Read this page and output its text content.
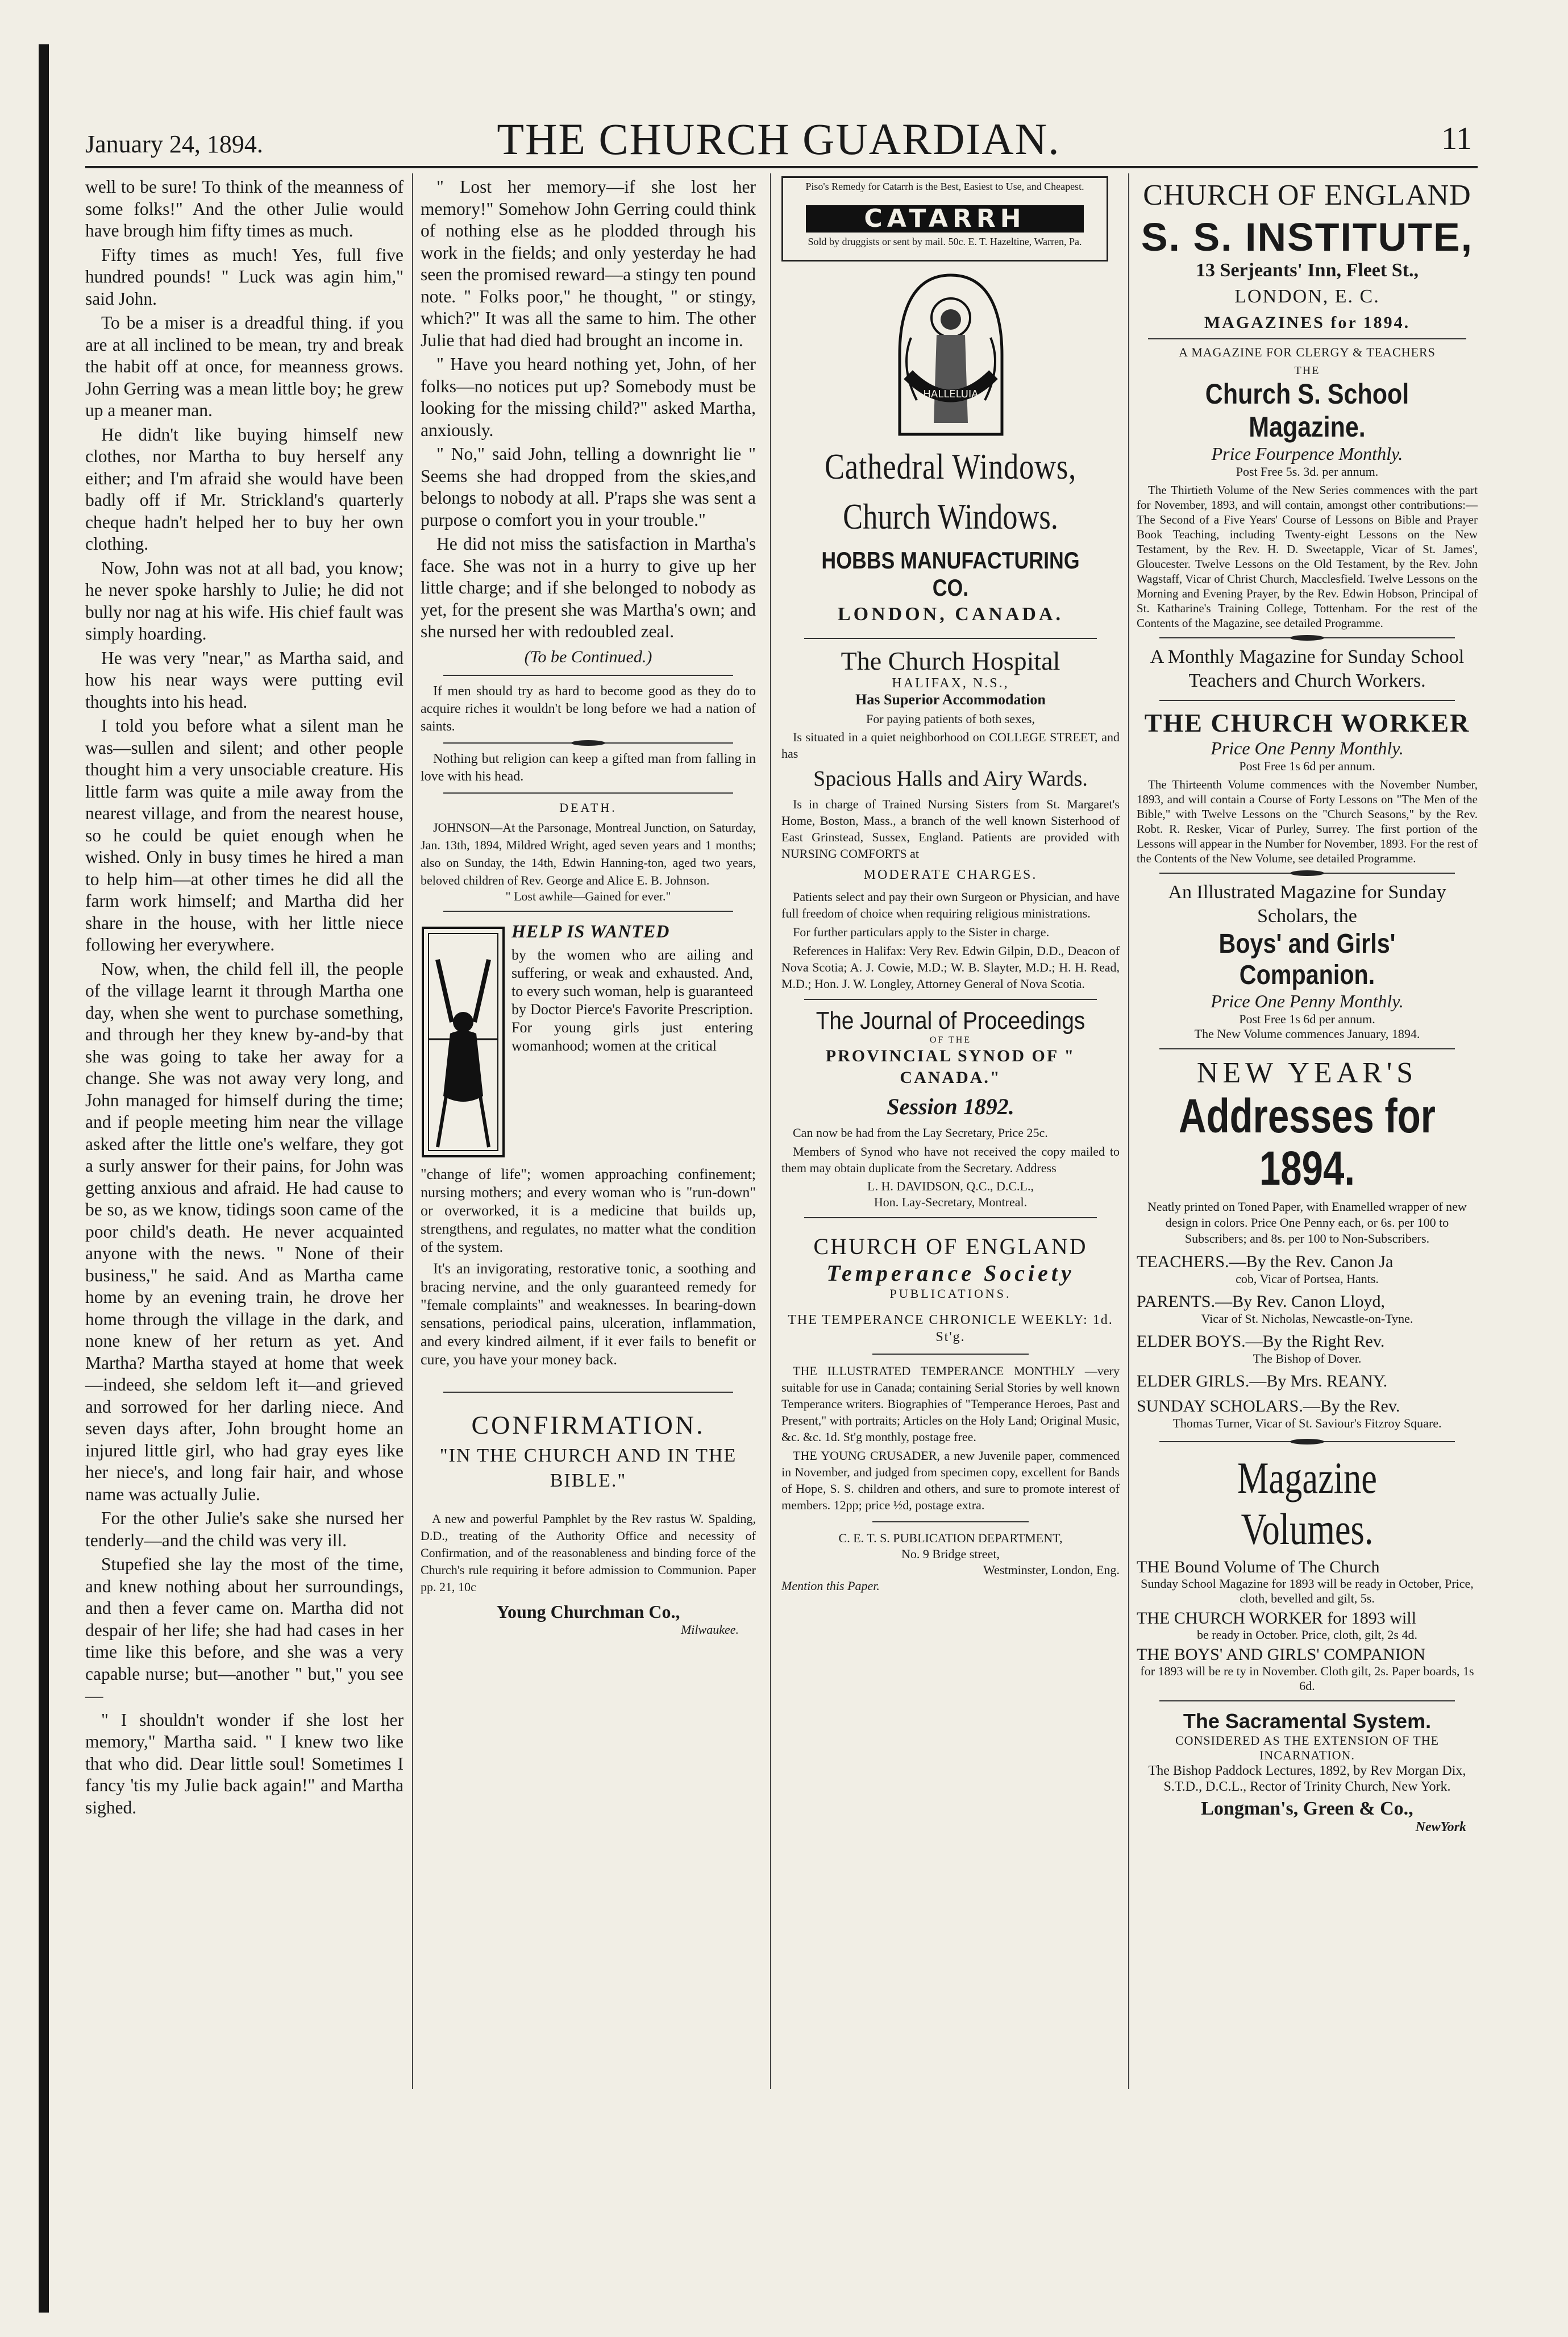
January 24, 1894.	THE CHURCH GUARDIAN.	11

well to be sure! To think of the meanness of some folks!" And the other Julie would have brough him fifty times as much.

Fifty times as much! Yes, full five hundred pounds! " Luck was agin him," said John.

To be a miser is a dreadful thing. if you are at all inclined to be mean, try and break the habit off at once, for meanness grows. John Gerring was a mean little boy; he grew up a meaner man.

He didn't like buying himself new clothes, nor Martha to buy herself any either; and I'm afraid she would have been badly off if Mr. Strickland's quarterly cheque hadn't helped her to buy her own clothing.

Now, John was not at all bad, you know; he never spoke harshly to Julie; he did not bully nor nag at his wife. His chief fault was simply hoarding.

He was very "near," as Martha said, and how his near ways were putting evil thoughts into his head.

I told you before what a silent man he was—sullen and silent; and other people thought him a very unsociable creature. His little farm was quite a mile away from the nearest village, and from the nearest house, so he could be quiet enough when he wished. Only in busy times he hired a man to help him—at other times he did all the farm work himself; and Martha did her share in the house, with her little niece following her everywhere.

Now, when, the child fell ill, the people of the village learnt it through Martha one day, when she went to purchase something, and through her they knew by-and-by that she was going to take her away for a change. She was not away very long, and John managed for himself during the time; and if people meeting him near the village asked after the little one's welfare, they got a surly answer for their pains, for John was getting anxious and afraid. He had cause to be so, as we know, tidings soon came of the poor child's death. He never acquainted anyone with the news. " None of their business," he said. And as Martha came home by an evening train, he drove her home through the village in the dark, and none knew of her return as yet. And Martha? Martha stayed at home that week—indeed, she seldom left it—and grieved and sorrowed for her darling niece. And seven days after, John brought home an injured little girl, who had gray eyes like her niece's, and long fair hair, and whose name was actually Julie.

For the other Julie's sake she nursed her tenderly—and the child was very ill.

Stupefied she lay the most of the time, and knew nothing about her surroundings, and then a fever came on. Martha did not despair of her life; she had had cases in her time like this before, and she was a very capable nurse; but—another " but," you see—

" I shouldn't wonder if she lost her memory," Martha said. " I knew two like that who did. Dear little soul! Sometimes I fancy 'tis my Julie back again!" and Martha sighed.

" Lost her memory—if she lost her memory!" Somehow John Gerring could think of nothing else as he plodded through his work in the fields; and only yesterday he had seen the promised reward—a stingy ten pound note. " Folks poor," he thought, " or stingy, which?" It was all the same to him. The other Julie that had died had brought an income in.

" Have you heard nothing yet, John, of her folks—no notices put up? Somebody must be looking for the missing child?" asked Martha, anxiously.

" No," said John, telling a downright lie " Seems she had dropped from the skies,and belongs to nobody at all. P'raps she was sent a purpose o comfort you in your trouble."

He did not miss the satisfaction in Martha's face. She was not in a hurry to give up her little charge; and if she belonged to nobody as yet, for the present she was Martha's own; and she nursed her with redoubled zeal.

(To be Continued.)

If men should try as hard to become good as they do to acquire riches it wouldn't be long before we had a nation of saints.

Nothing but religion can keep a gifted man from falling in love with his head.

DEATH.

JOHNSON—At the Parsonage, Montreal Junction, on Saturday, Jan. 13th, 1894, Mildred Wright, aged seven years and 1 months; also on Sunday, the 14th, Edwin Hanning-ton, aged two years, beloved children of Rev. George and Alice E. B. Johnson.

" Lost awhile—Gained for ever."
HELP IS WANTED
by the women who are ailing and suffering, or weak and exhausted. And, to every such woman, help is guaranteed by Doctor Pierce's Favorite Prescription. For young girls just entering womanhood; women at the critical

"change of life"; women approaching confinement; nursing mothers; and every woman who is "run-down" or overworked, it is a medicine that builds up, strengthens, and regulates, no matter what the condition of the system.

It's an invigorating, restorative tonic, a soothing and bracing nervine, and the only guaranteed remedy for "female complaints" and weaknesses. In bearing-down sensations, periodical pains, ulceration, inflammation, and every kindred ailment, if it ever fails to benefit or cure, you have your money back.

CONFIRMATION.
"IN THE CHURCH AND IN THE BIBLE."

A new and powerful Pamphlet by the Rev rastus W. Spalding, D.D., treating of the Authority Office and necessity of Confirmation, and of the reasonableness and binding force of the Church's rule requiring it before admission to Communion. Paper pp. 21, 10c

Young Churchman Co.,
Milwaukee.
Piso's Remedy for Catarrh is the Best, Easiest to Use, and Cheapest.
CATARRH
Sold by druggists or sent by mail. 50c. E. T. Hazeltine, Warren, Pa.
HALLELUIA
Cathedral Windows,
Church Windows.
HOBBS MANUFACTURING CO.
LONDON, CANADA.
The Church Hospital
HALIFAX, N.S.,
Has Superior Accommodation
For paying patients of both sexes,

Is situated in a quiet neighborhood on COLLEGE STREET, and has

Spacious Halls and Airy Wards.

Is in charge of Trained Nursing Sisters from St. Margaret's Home, Boston, Mass., a branch of the well known Sisterhood of East Grinstead, Sussex, England. Patients are provided with NURSING COMFORTS at

MODERATE CHARGES.

Patients select and pay their own Surgeon or Physician, and have full freedom of choice when requiring religious ministrations.

For further particulars apply to the Sister in charge.

References in Halifax: Very Rev. Edwin Gilpin, D.D., Deacon of Nova Scotia; A. J. Cowie, M.D.; W. B. Slayter, M.D.; H. H. Read, M.D.; Hon. J. W. Longley, Attorney General of Nova Scotia.

The Journal of Proceedings
OF THE
PROVINCIAL SYNOD OF " CANADA."
Session 1892.

Can now be had from the Lay Secretary, Price 25c.

Members of Synod who have not received the copy mailed to them may obtain duplicate from the Secretary. Address

L. H. DAVIDSON, Q.C., D.C.L.,
Hon. Lay-Secretary, Montreal.
CHURCH OF ENGLAND
Temperance Society
PUBLICATIONS.
THE TEMPERANCE CHRONICLE WEEKLY: 1d. St'g.

THE ILLUSTRATED TEMPERANCE MONTHLY —very suitable for use in Canada; containing Serial Stories by well known Temperance writers. Biographies of "Temperance Heroes, Past and Present," with portraits; Articles on the Holy Land; Original Music, &c. &c. 1d. St'g monthly, postage free.

THE YOUNG CRUSADER, a new Juvenile paper, commenced in November, and judged from specimen copy, excellent for Bands of Hope, S. S. children and others, and sure to promote interest of members. 12pp; price ½d, postage extra.

C. E. T. S. PUBLICATION DEPARTMENT,
No. 9 Bridge street,
Westminster, London, Eng.
Mention this Paper.
CHURCH OF ENGLAND
S. S. INSTITUTE,
13 Serjeants' Inn, Fleet St.,
LONDON, E. C.
MAGAZINES for 1894.
A MAGAZINE FOR CLERGY & TEACHERS
THE
Church S. School Magazine.
Price Fourpence Monthly.
Post Free 5s. 3d. per annum.

The Thirtieth Volume of the New Series commences with the part for November, 1893, and will contain, amongst other contributions:—The Second of a Five Years' Course of Lessons on Bible and Prayer Book Teaching, including Twenty-eight Lessons on the New Testament, by the Rev. H. D. Sweetapple, Vicar of St. James', Gloucester. Twelve Lessons on the Old Testament, by the Rev. John Wagstaff, Vicar of Christ Church, Macclesfield. Twelve Lessons on the Morning and Evening Prayer, by the Rev. Edwin Hobson, Principal of St. Katharine's Training College, Tottenham. For the rest of the Contents of the Magazine, see detailed Programme.

A Monthly Magazine for Sunday School Teachers and Church Workers.
THE CHURCH WORKER
Price One Penny Monthly.
Post Free 1s 6d per annum.

The Thirteenth Volume commences with the November Number, 1893, and will contain a Course of Forty Lessons on "The Men of the Bible," with Twelve Lessons on the "Church Seasons," by the Rev. Robt. R. Resker, Vicar of Purley, Surrey. The first portion of the Lessons will appear in the Number for November, 1893. For the rest of the Contents of the New Volume, see detailed Programme.

An Illustrated Magazine for Sunday Scholars, the
Boys' and Girls' Companion.
Price One Penny Monthly.
Post Free 1s 6d per annum.
The New Volume commences January, 1894.
NEW YEAR'S
Addresses for 1894.
Neatly printed on Toned Paper, with Enamelled wrapper of new design in colors. Price One Penny each, or 6s. per 100 to Subscribers; and 8s. per 100 to Non-Subscribers.
TEACHERS.—By the Rev. Canon Ja
cob, Vicar of Portsea, Hants.
PARENTS.—By Rev. Canon Lloyd,
Vicar of St. Nicholas, Newcastle-on-Tyne.
ELDER BOYS.—By the Right Rev.
The Bishop of Dover.
ELDER GIRLS.—By Mrs. REANY.
SUNDAY SCHOLARS.—By the Rev.
Thomas Turner, Vicar of St. Saviour's Fitzroy Square.
Magazine Volumes.
THE Bound Volume of The Church
Sunday School Magazine for 1893 will be ready in October, Price, cloth, bevelled and gilt, 5s.
THE CHURCH WORKER for 1893 will
be ready in October. Price, cloth, gilt, 2s 4d.
THE BOYS' AND GIRLS' COMPANION
for 1893 will be re ty in November. Cloth gilt, 2s. Paper boards, 1s 6d.
The Sacramental System.
CONSIDERED AS THE EXTENSION OF THE INCARNATION.
The Bishop Paddock Lectures, 1892, by Rev Morgan Dix, S.T.D., D.C.L., Rector of Trinity Church, New York.
Longman's, Green & Co.,
NewYork
